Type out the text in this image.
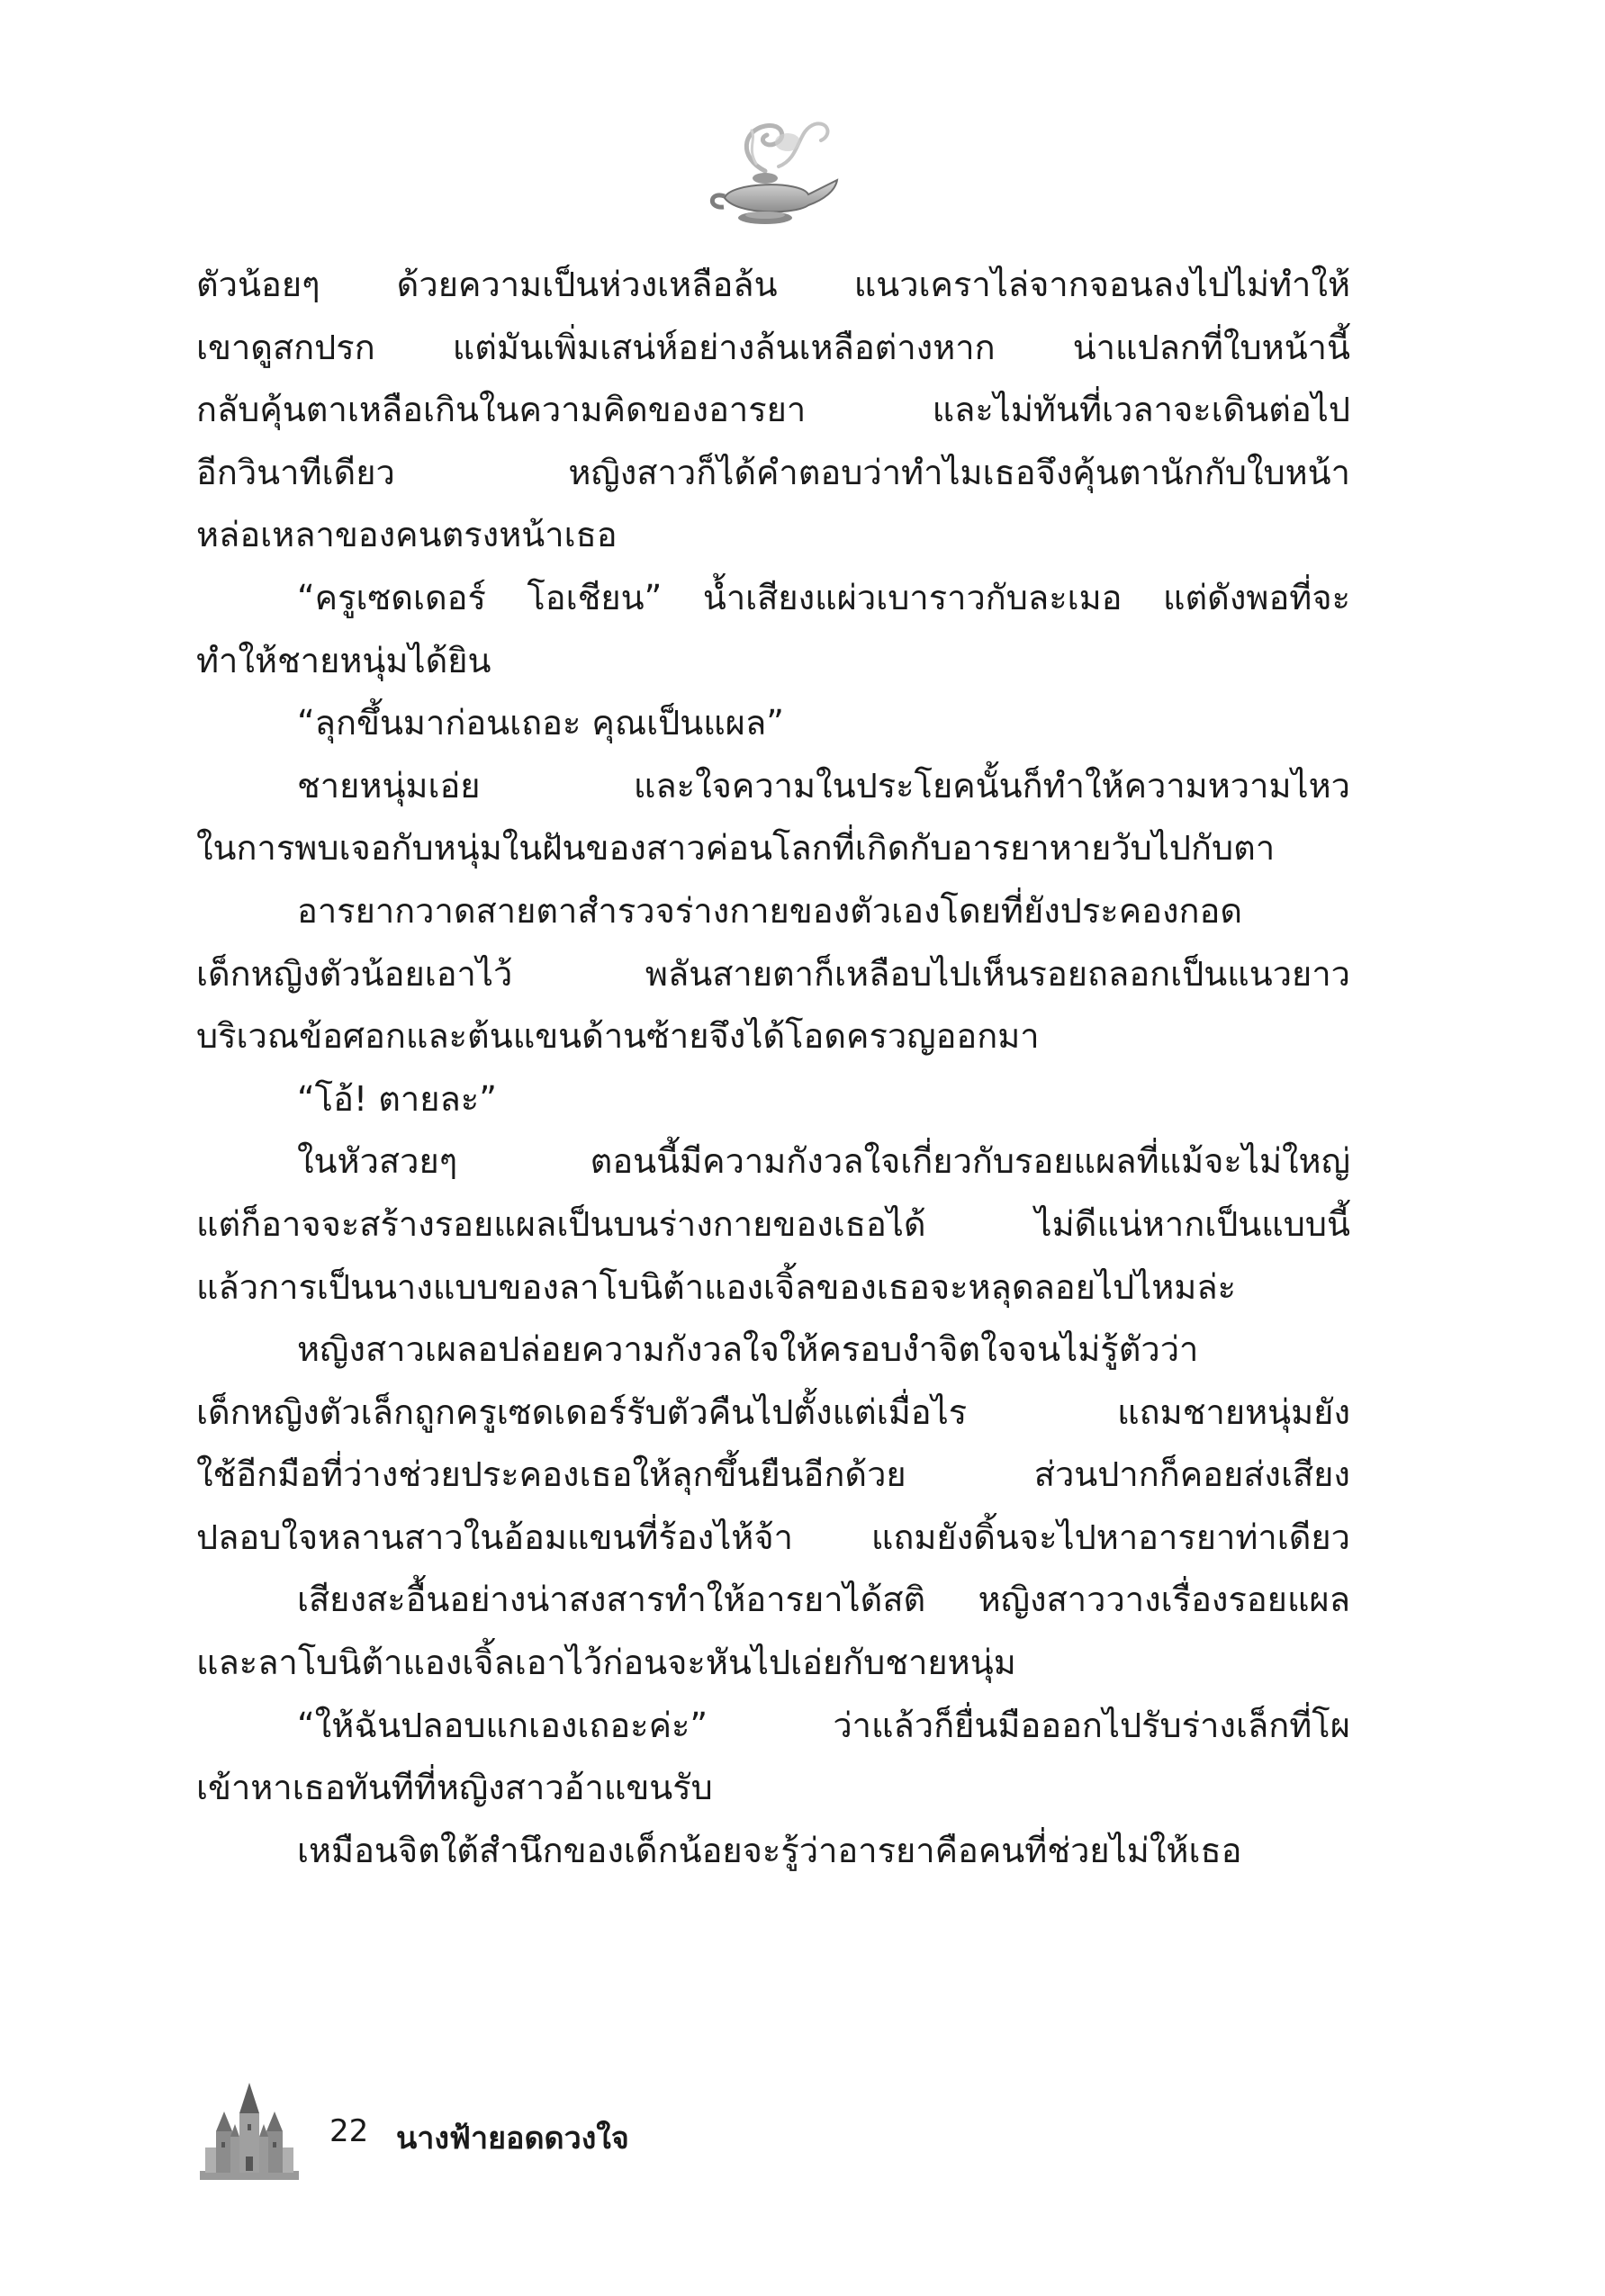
ตัวน้อยๆ ด้วยความเป็นห่วงเหลือล้น แนวเคราไล่จากจอนลงไปไม่ทำให้
เขาดูสกปรก แต่มันเพิ่มเสน่ห์อย่างล้นเหลือต่างหาก น่าแปลกที่ใบหน้านี้
กลับคุ้นตาเหลือเกินในความคิดของอารยา และไม่ทันที่เวลาจะเดินต่อไป
อีกวินาทีเดียว หญิงสาวก็ได้คำตอบว่าทำไมเธอจึงคุ้นตานักกับใบหน้า
หล่อเหลาของคนตรงหน้าเธอ
“ครูเซดเดอร์ โอเชียน” น้ำเสียงแผ่วเบาราวกับละเมอ แต่ดังพอที่จะ
ทำให้ชายหนุ่มได้ยิน
“ลุกขึ้นมาก่อนเถอะ คุณเป็นแผล”
ชายหนุ่มเอ่ย และใจความในประโยคนั้นก็ทำให้ความหวามไหว
ในการพบเจอกับหนุ่มในฝันของสาวค่อนโลกที่เกิดกับอารยาหายวับไปกับตา
อารยากวาดสายตาสำรวจร่างกายของตัวเองโดยที่ยังประคองกอด
เด็กหญิงตัวน้อยเอาไว้ พลันสายตาก็เหลือบไปเห็นรอยถลอกเป็นแนวยาว
บริเวณข้อศอกและต้นแขนด้านซ้ายจึงได้โอดครวญออกมา
“โอ้! ตายละ”
ในหัวสวยๆ ตอนนี้มีความกังวลใจเกี่ยวกับรอยแผลที่แม้จะไม่ใหญ่
แต่ก็อาจจะสร้างรอยแผลเป็นบนร่างกายของเธอได้ ไม่ดีแน่หากเป็นแบบนี้
แล้วการเป็นนางแบบของลาโบนิต้าแองเจิ้ลของเธอจะหลุดลอยไปไหมล่ะ
หญิงสาวเผลอปล่อยความกังวลใจให้ครอบงำจิตใจจนไม่รู้ตัวว่า
เด็กหญิงตัวเล็กถูกครูเซดเดอร์รับตัวคืนไปตั้งแต่เมื่อไร แถมชายหนุ่มยัง
ใช้อีกมือที่ว่างช่วยประคองเธอให้ลุกขึ้นยืนอีกด้วย ส่วนปากก็คอยส่งเสียง
ปลอบใจหลานสาวในอ้อมแขนที่ร้องไห้จ้า แถมยังดิ้นจะไปหาอารยาท่าเดียว
เสียงสะอื้นอย่างน่าสงสารทำให้อารยาได้สติ หญิงสาววางเรื่องรอยแผล
และลาโบนิต้าแองเจิ้ลเอาไว้ก่อนจะหันไปเอ่ยกับชายหนุ่ม
“ให้ฉันปลอบแกเองเถอะค่ะ” ว่าแล้วก็ยื่นมือออกไปรับร่างเล็กที่โผ
เข้าหาเธอทันทีที่หญิงสาวอ้าแขนรับ
เหมือนจิตใต้สำนึกของเด็กน้อยจะรู้ว่าอารยาคือคนที่ช่วยไม่ให้เธอ
22 นางฟ้ายอดดวงใจ
